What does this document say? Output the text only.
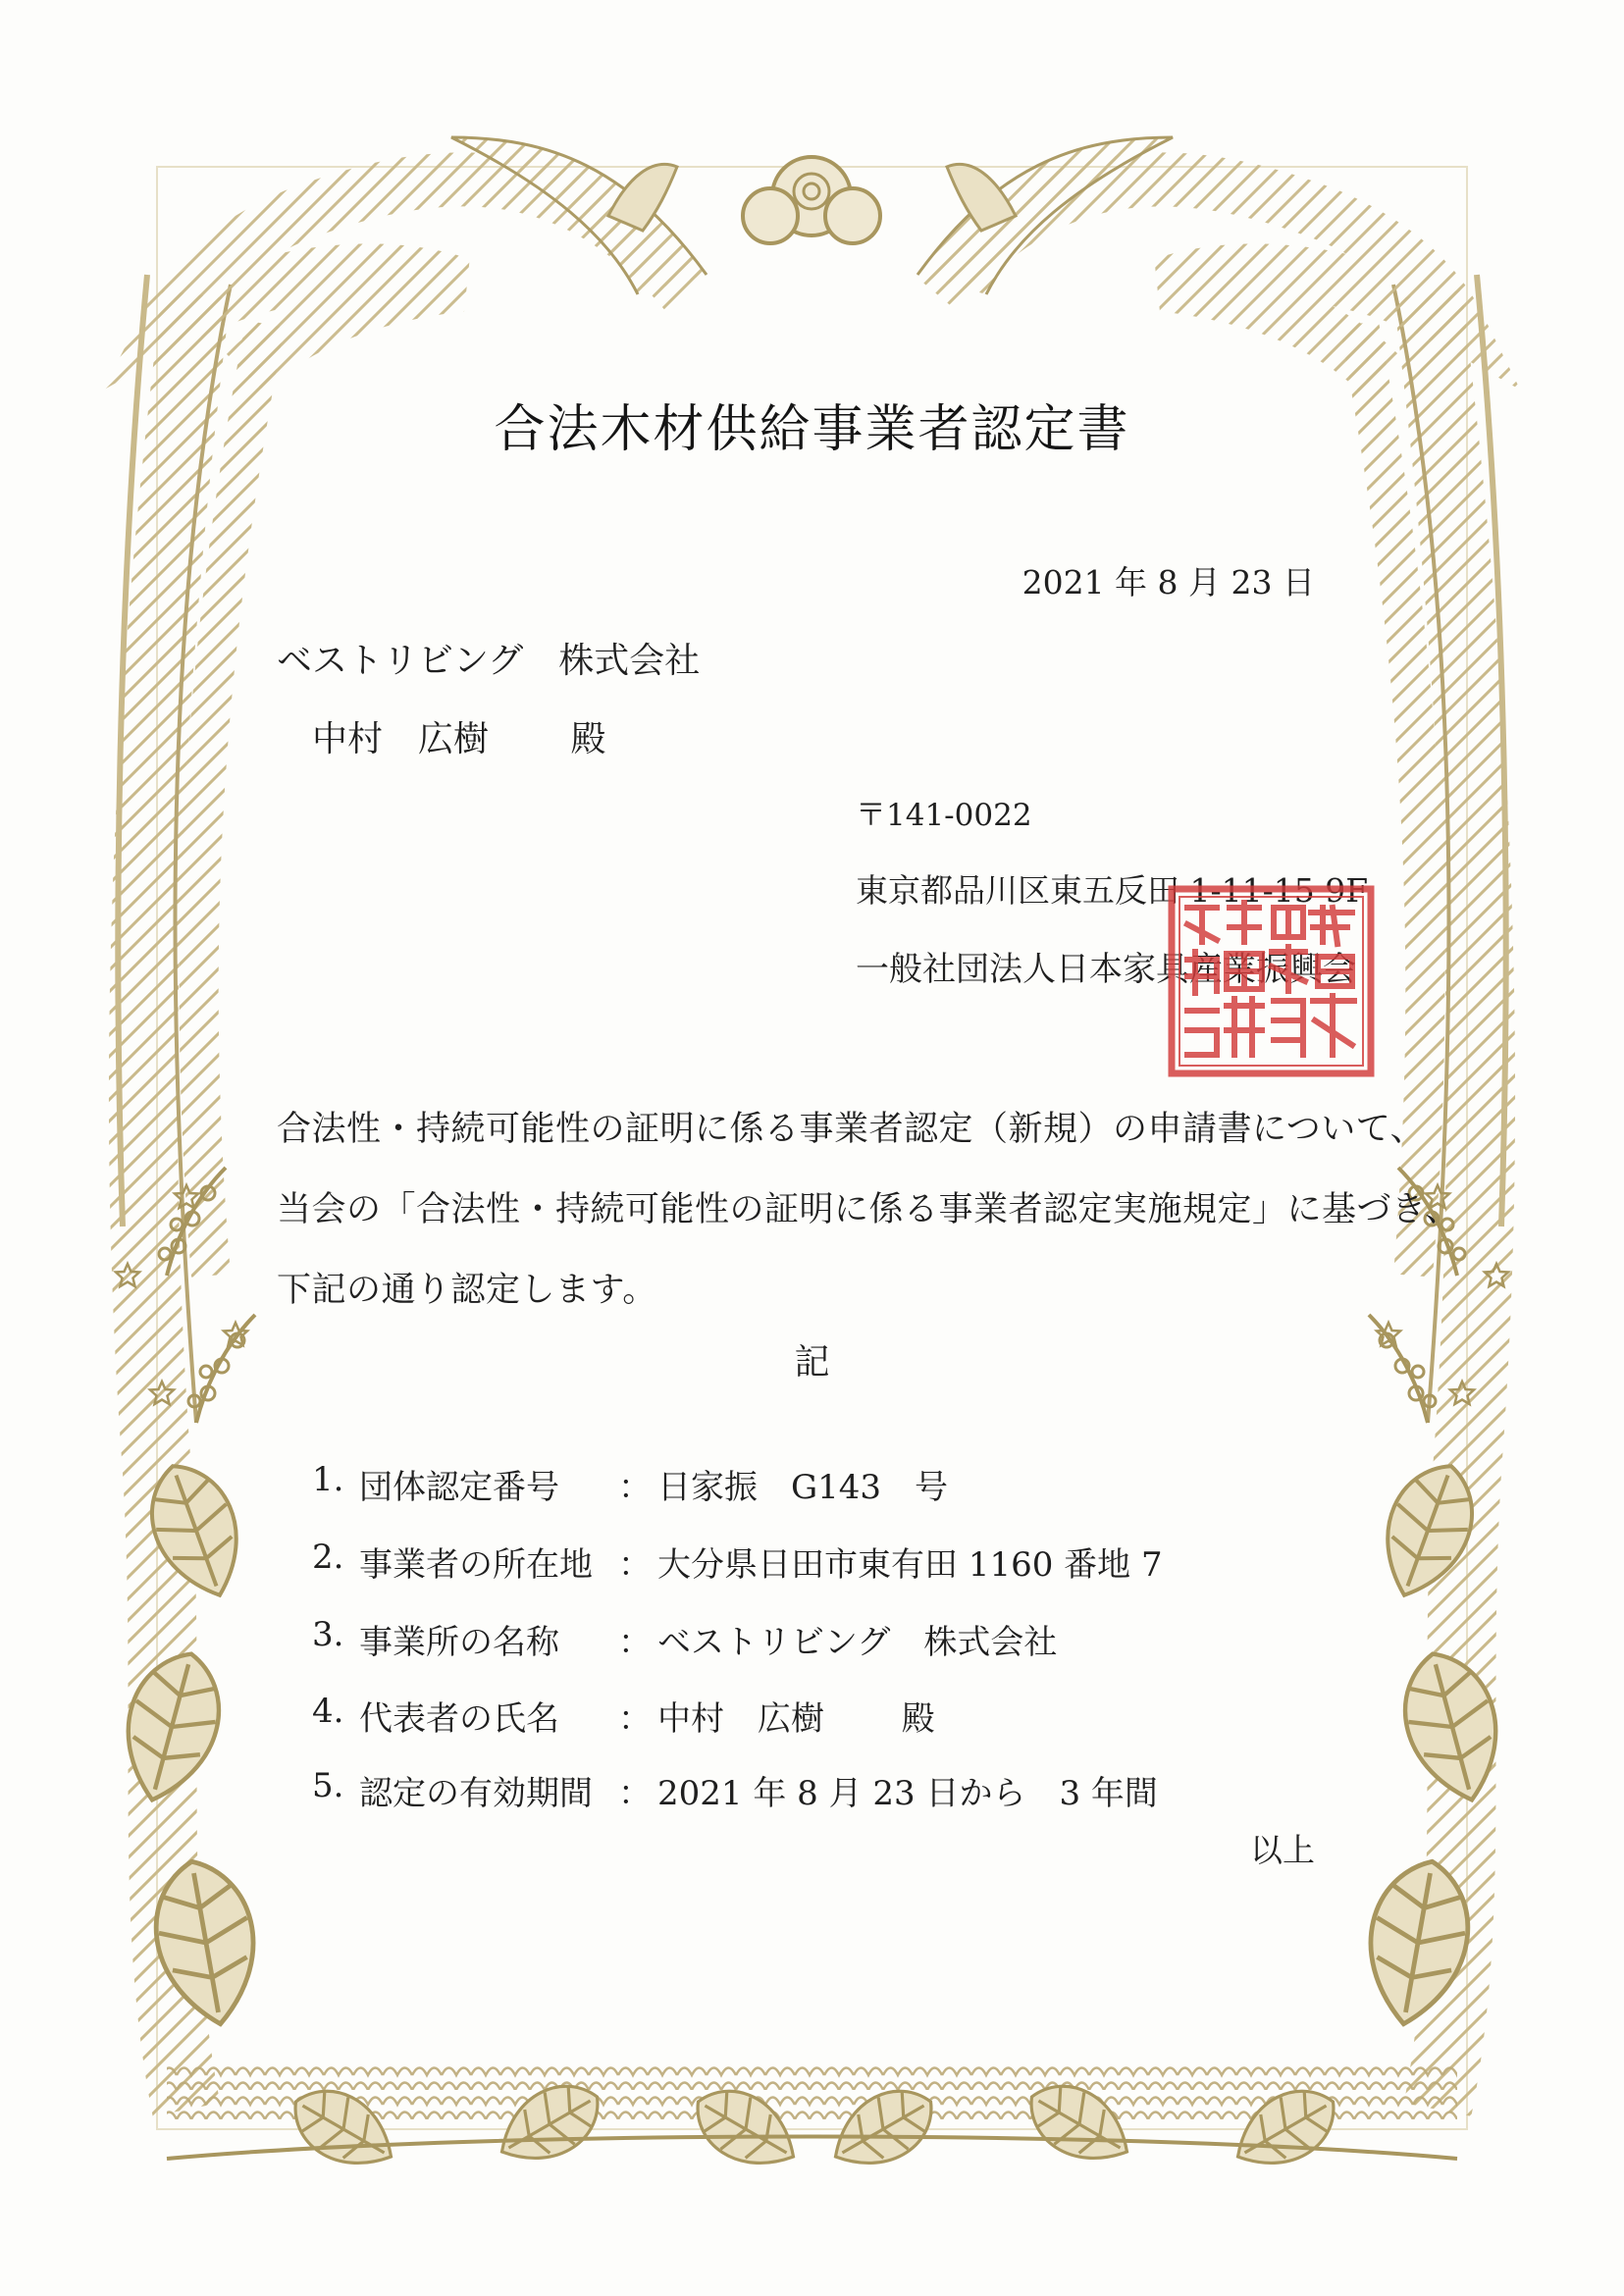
合法木材供給事業者認定書
2021 年 8 月 23 日
ベストリビング　株式会社
中村　広樹　　 殿
〒141-0022
東京都品川区東五反田 1-11-15 9F
一般社団法人日本家具産業振興会
合法性・持続可能性の証明に係る事業者認定（新規）の申請書について、
当会の「合法性・持続可能性の証明に係る事業者認定実施規定」に基づき、
下記の通り認定します。
記
1. 団体認定番号 ： 日家振　G143　号
2. 事業者の所在地 ： 大分県日田市東有田 1160 番地 7
3. 事業所の名称 ： ベストリビング　株式会社
4. 代表者の氏名 ： 中村　広樹　　 殿
5. 認定の有効期間 ： 2021 年 8 月 23 日から　3 年間
以上
